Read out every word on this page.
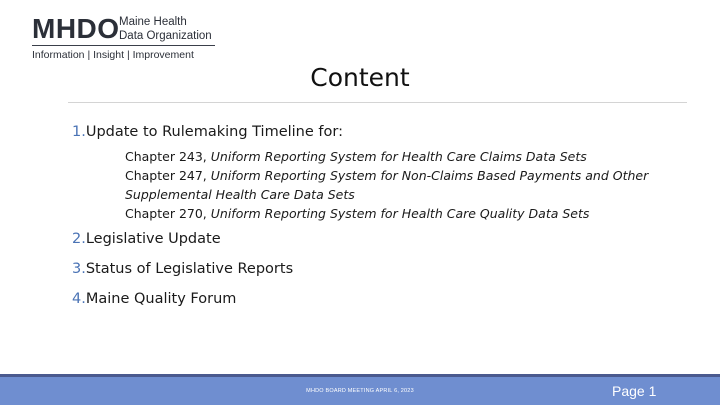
MHDO Maine Health
Data Organization
Information | Insight | Improvement
Content
1.Update to Rulemaking Timeline for:
Chapter 243, Uniform Reporting System for Health Care Claims Data Sets
Chapter 247, Uniform Reporting System for Non-Claims Based Payments and Other Supplemental Health Care Data Sets
Chapter 270, Uniform Reporting System for Health Care Quality Data Sets
2.Legislative Update
3.Status of Legislative Reports
4.Maine Quality Forum
MHDO BOARD MEETING APRIL 6, 2023	Page 1
